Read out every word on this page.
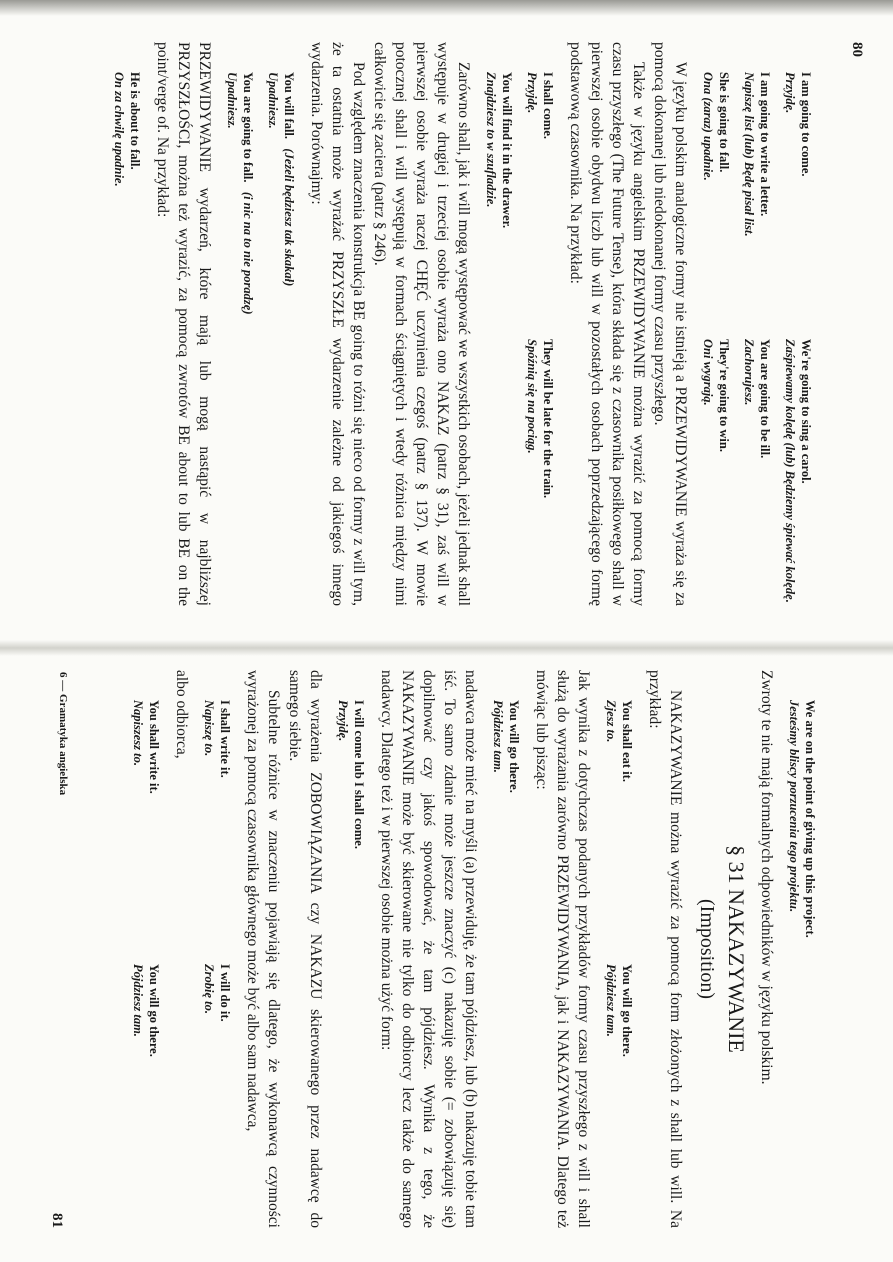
80
I am going to come.
Przyjdę.
We're going to sing a carol.
Zaśpiewamy kolędę (lub) Będziemy śpiewać kolędę.
I am going to write a letter.
Napiszę list (lub) Będę pisał list.
You are going to be ill.
Zachorujesz.
She is going to fall.
Ona (zaraz) upadnie.
They're going to win.
Oni wygrają.

W języku polskim analogiczne formy nie istnieją a PRZEWIDYWANIE wyraża się za pomocą dokonanej lub niedokonanej formy czasu przyszłego.

Także w języku angielskim PRZEWIDYWANIE można wyrazić za pomocą formy czasu przyszłego (The Future Tense), która składa się z czasownika posiłkowego shall w pierwszej osobie obydwu liczb lub will w pozostałych osobach poprzedzającego formę podstawową czasownika. Na przykład:

I shall come.
Przyjdę.
They will be late for the train.
Spóźnią się na pociąg.
You will find it in the drawer.
Znajdziesz to w szufladzie.

Zarówno shall, jak i will mogą występować we wszystkich osobach, jeżeli jednak shall występuje w drugiej i trzeciej osobie wyraża ono NAKAZ (patrz § 31), zaś will w pierwszej osobie wyraża raczej CHĘĆ uczynienia czegoś (patrz § 137). W mowie potocznej shall i will występują w formach ściągniętych i wtedy różnica między nimi całkowicie się zaciera (patrz § 246).

Pod względem znaczenia konstrukcja BE going to różni się nieco od formy z will tym, że ta ostatnia może wyrażać PRZYSZŁE wydarzenie zależne od jakiegoś innego wydarzenia. Porównajmy:

You will fall.   (Jeżeli będziesz tak skakał)
Upadniesz.
You are going to fall.   (i nic na to nie poradzę)
Upadniesz.

PRZEWIDYWANIE wydarzeń, które mają lub mogą nastąpić w najbliższej PRZYSZŁOŚCI, można też wyrazić, za pomocą zwrotów BE about to lub BE on the point/verge of. Na przykład:

He is about to fall.
On za chwilę upadnie.
We are on the point of giving up this project.
Jesteśmy bliscy porzucenia tego projektu.

Zwroty te nie mają formalnych odpowiedników w języku polskim.

§ 31 NAKAZYWANIE
(Imposition)

NAKAZYWANIE można wyrazić za pomocą form złożonych z shall lub will. Na przykład:

You shall eat it.
Zjesz to.
You will go there.
Pójdziesz tam.

Jak wynika z dotychczas podanych przykładów formy czasu przyszłego z will i shall służą do wyrażania zarówno PRZEWIDYWANIA, jak i NAKAZYWANIA. Dlatego też mówiąc lub pisząc:

You will go there.
Pójdziesz tam.

nadawca może mieć na myśli (a) przewiduję, że tam pójdziesz, lub (b) nakazuję tobie tam iść. To samo zdanie może jeszcze znaczyć (c) nakazuję sobie (= zobowiązuję się) dopilnować czy jakoś spowodować, że tam pójdziesz. Wynika z tego, że NAKAZYWANIE może być skierowane nie tylko do odbiorcy lecz także do samego nadawcy. Dlatego też i w pierwszej osobie można użyć form:

I will come lub I shall come.
Przyjdę.

dla wyrażenia ZOBOWIĄZANIA czy NAKAZU skierowanego przez nadawcę do samego siebie.

Subtelne różnice w znaczeniu pojawiają się dlatego, że wykonawcą czynności wyrażonej za pomocą czasownika głównego może być albo sam nadawca,

I shall write it.
Napiszę to.
I will do it.
Zrobię to.

albo odbiorca,

You shall write it.
Napiszesz to.
You will go there.
Pójdziesz tam.
6 — Gramatyka angielska
81
